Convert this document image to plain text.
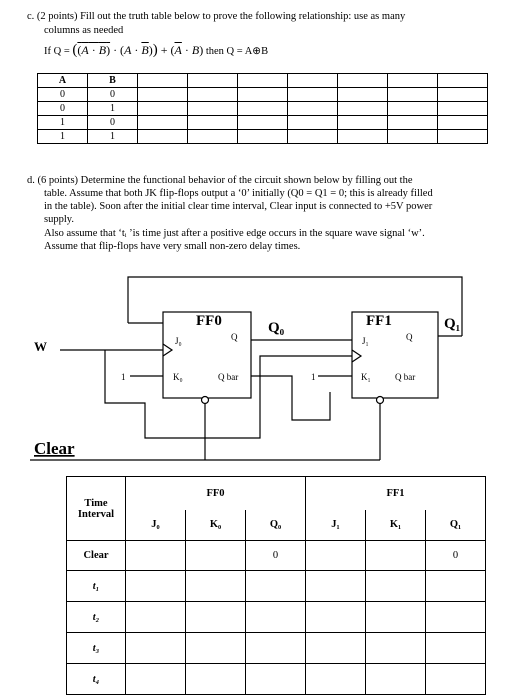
c. (2 points) Fill out the truth table below to prove the following relationship: use as many
columns as needed
If $Q = ((A \cdot B) \cdot (A \cdot \overline{B})) + (\overline{A} \cdot B)$ then Q = A⊕B
A	B							
0	0							
0	1							
1	0							
1	1							
d. (6 points) Determine the functional behavior of the circuit shown below by filling out the
table. Assume that both JK flip-flops output a ‘0’ initially (Q0 = Q1 = 0; this is already filled
in the table). Soon after the initial clear time interval, Clear input is connected to +5V power
supply.
Also assume that ‘tᵢ ’is time just after a positive edge occurs in the square wave signal ‘w’.
Assume that flip-flops have very small non-zero delay times.
FF0	FF1
Q₀	Q₁
W
Clear
J₀	Q
K₀	Q bar
1
J₁	Q
K₁	Q bar
1
Time Interval	FF0			FF1		
	J₀	K₀	Q₀	J₁	K₁	Q₁
Clear			0			0
t₁						
t₂						
t₃						
t₄						
